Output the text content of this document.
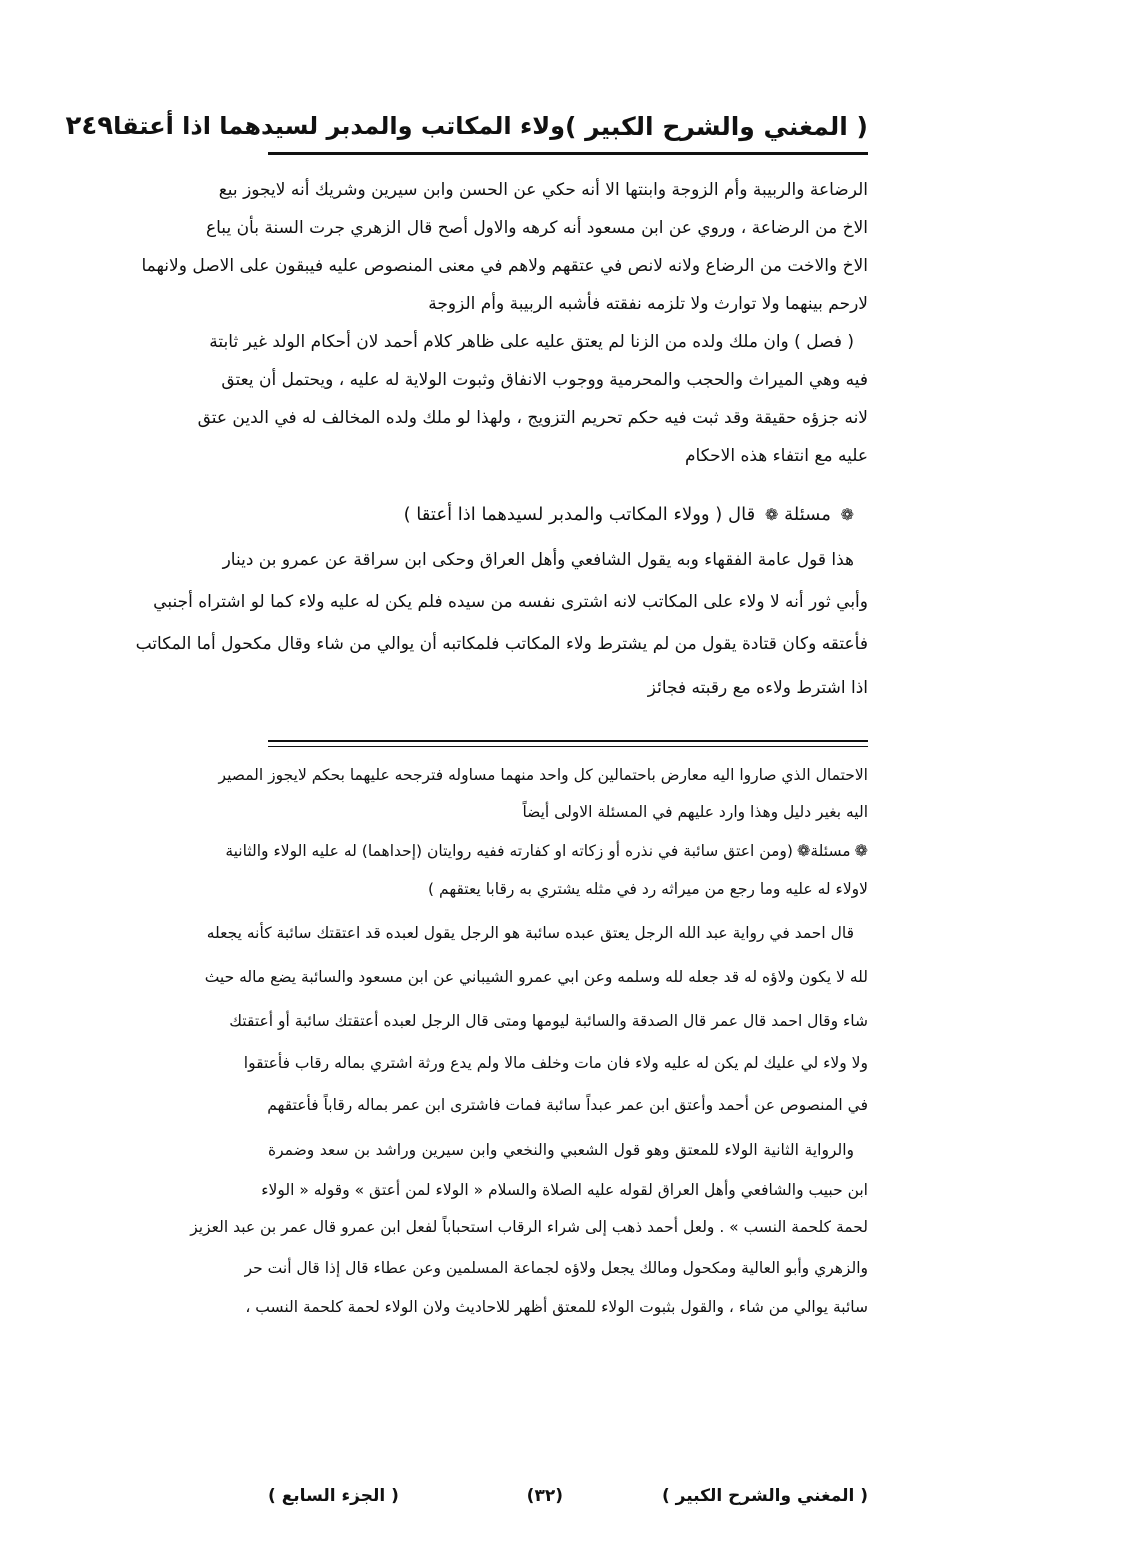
( المغني والشرح الكبير )
ولاء المكاتب والمدبر لسيدهما اذا أعتقا
٢٤٩
الرضاعة والربيبة وأم الزوجة وابنتها الا أنه حكي عن الحسن وابن سيرين وشريك أنه لايجوز بيع
الاخ من الرضاعة ، وروي عن ابن مسعود أنه كرهه والاول أصح قال الزهري جرت السنة بأن يباع
الاخ والاخت من الرضاع ولانه لانص في عتقهم ولاهم في معنى المنصوص عليه فيبقون على الاصل ولانهما
لارحم بينهما ولا توارث ولا تلزمه نفقته فأشبه الربيبة وأم الزوجة
( فصل ) وان ملك ولده من الزنا لم يعتق عليه على ظاهر كلام أحمد لان أحكام الولد غير ثابتة
فيه وهي الميراث والحجب والمحرمية ووجوب الانفاق وثبوت الولاية له عليه ، ويحتمل أن يعتق
لانه جزؤه حقيقة وقد ثبت فيه حكم تحريم التزويج ، ولهذا لو ملك ولده المخالف له في الدين عتق
عليه مع انتفاء هذه الاحكام
❁ مسئلة ❁ قال ( وولاء المكاتب والمدبر لسيدهما اذا أعتقا )
هذا قول عامة الفقهاء وبه يقول الشافعي وأهل العراق وحكى ابن سراقة عن عمرو بن دينار
وأبي ثور أنه لا ولاء على المكاتب لانه اشترى نفسه من سيده فلم يكن له عليه ولاء كما لو اشتراه أجنبي
فأعتقه وكان قتادة يقول من لم يشترط ولاء المكاتب فلمكاتبه أن يوالي من شاء وقال مكحول أما المكاتب
اذا اشترط ولاءه مع رقبته فجائز
الاحتمال الذي صاروا اليه معارض باحتمالين كل واحد منهما مساوله فترجحه عليهما بحكم لايجوز المصير
اليه بغير دليل وهذا وارد عليهم في المسئلة الاولى أيضاً
❁مسئلة❁(ومن اعتق سائبة في نذره أو زكاته او كفارته ففيه روايتان (إحداهما) له عليه الولاء والثانية
لاولاء له عليه وما رجع من ميراثه رد في مثله يشتري به رقابا يعتقهم )
قال احمد في رواية عبد الله الرجل يعتق عبده سائبة هو الرجل يقول لعبده قد اعتقتك سائبة كأنه يجعله
لله لا يكون ولاؤه له قد جعله لله وسلمه وعن ابي عمرو الشيباني عن ابن مسعود والسائبة يضع ماله حيث
شاء وقال احمد قال عمر قال الصدقة والسائبة ليومها ومتى قال الرجل لعبده أعتقتك سائبة أو أعتقتك
ولا ولاء لي عليك لم يكن له عليه ولاء فان مات وخلف مالا ولم يدع ورثة اشتري بماله رقاب فأعتقوا
في المنصوص عن أحمد وأعتق ابن عمر عبداً سائبة فمات فاشترى ابن عمر بماله رقاباً فأعتقهم
والرواية الثانية الولاء للمعتق وهو قول الشعبي والنخعي وابن سيرين وراشد بن سعد وضمرة
ابن حبيب والشافعي وأهل العراق لقوله عليه الصلاة والسلام « الولاء لمن أعتق » وقوله « الولاء
لحمة كلحمة النسب » . ولعل أحمد ذهب إلى شراء الرقاب استحباباً لفعل ابن عمرو قال عمر بن عبد العزيز
والزهري وأبو العالية ومكحول ومالك يجعل ولاؤه لجماعة المسلمين وعن عطاء قال إذا قال أنت حر
سائبة يوالي من شاء ، والقول بثبوت الولاء للمعتق أظهر للاحاديث ولان الولاء لحمة كلحمة النسب ،
( المغني والشرح الكبير )
(٣٢)
( الجزء السابع )
